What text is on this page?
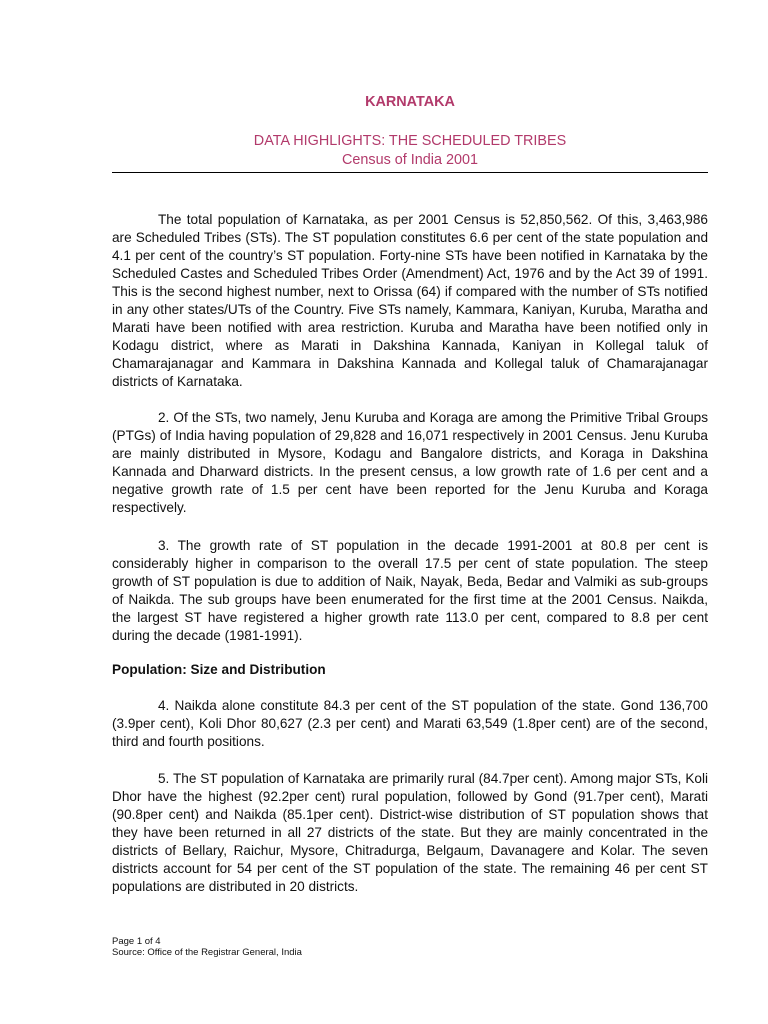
KARNATAKA
DATA HIGHLIGHTS: THE SCHEDULED TRIBES
Census of India 2001

The total population of Karnataka, as per 2001 Census is 52,850,562. Of this, 3,463,986 are Scheduled Tribes (STs). The ST population constitutes 6.6 per cent of the state population and 4.1 per cent of the country’s ST population. Forty-nine STs have been notified in Karnataka by the Scheduled Castes and Scheduled Tribes Order (Amendment) Act, 1976 and by the Act 39 of 1991. This is the second highest number, next to Orissa (64) if compared with the number of STs notified in any other states/UTs of the Country. Five STs namely, Kammara, Kaniyan, Kuruba, Maratha and Marati have been notified with area restriction. Kuruba and Maratha have been notified only in Kodagu district, where as Marati in Dakshina Kannada, Kaniyan in Kollegal taluk of Chamarajanagar and Kammara in Dakshina Kannada and Kollegal taluk of Chamarajanagar districts of Karnataka.

2. Of the STs, two namely, Jenu Kuruba and Koraga are among the Primitive Tribal Groups (PTGs) of India having population of 29,828 and 16,071 respectively in 2001 Census. Jenu Kuruba are mainly distributed in Mysore, Kodagu and Bangalore districts, and Koraga in Dakshina Kannada and Dharward districts. In the present census, a low growth rate of 1.6 per cent and a negative growth rate of 1.5 per cent have been reported for the Jenu Kuruba and Koraga respectively.

3. The growth rate of ST population in the decade 1991-2001 at 80.8 per cent is considerably higher in comparison to the overall 17.5 per cent of state population. The steep growth of ST population is due to addition of Naik, Nayak, Beda, Bedar and Valmiki as sub-groups of Naikda. The sub groups have been enumerated for the first time at the 2001 Census. Naikda, the largest ST have registered a higher growth rate 113.0 per cent, compared to 8.8 per cent during the decade (1981-1991).

Population: Size and Distribution

4. Naikda alone constitute 84.3 per cent of the ST population of the state. Gond 136,700 (3.9per cent), Koli Dhor 80,627 (2.3 per cent) and Marati 63,549 (1.8per cent) are of the second, third and fourth positions.

5. The ST population of Karnataka are primarily rural (84.7per cent). Among major STs, Koli Dhor have the highest (92.2per cent) rural population, followed by Gond (91.7per cent), Marati (90.8per cent) and Naikda (85.1per cent). District-wise distribution of ST population shows that they have been returned in all 27 districts of the state. But they are mainly concentrated in the districts of Bellary, Raichur, Mysore, Chitradurga, Belgaum, Davanagere and Kolar. The seven districts account for 54 per cent of the ST population of the state. The remaining 46 per cent ST populations are distributed in 20 districts.

Page 1 of 4
Source: Office of the Registrar General, India
